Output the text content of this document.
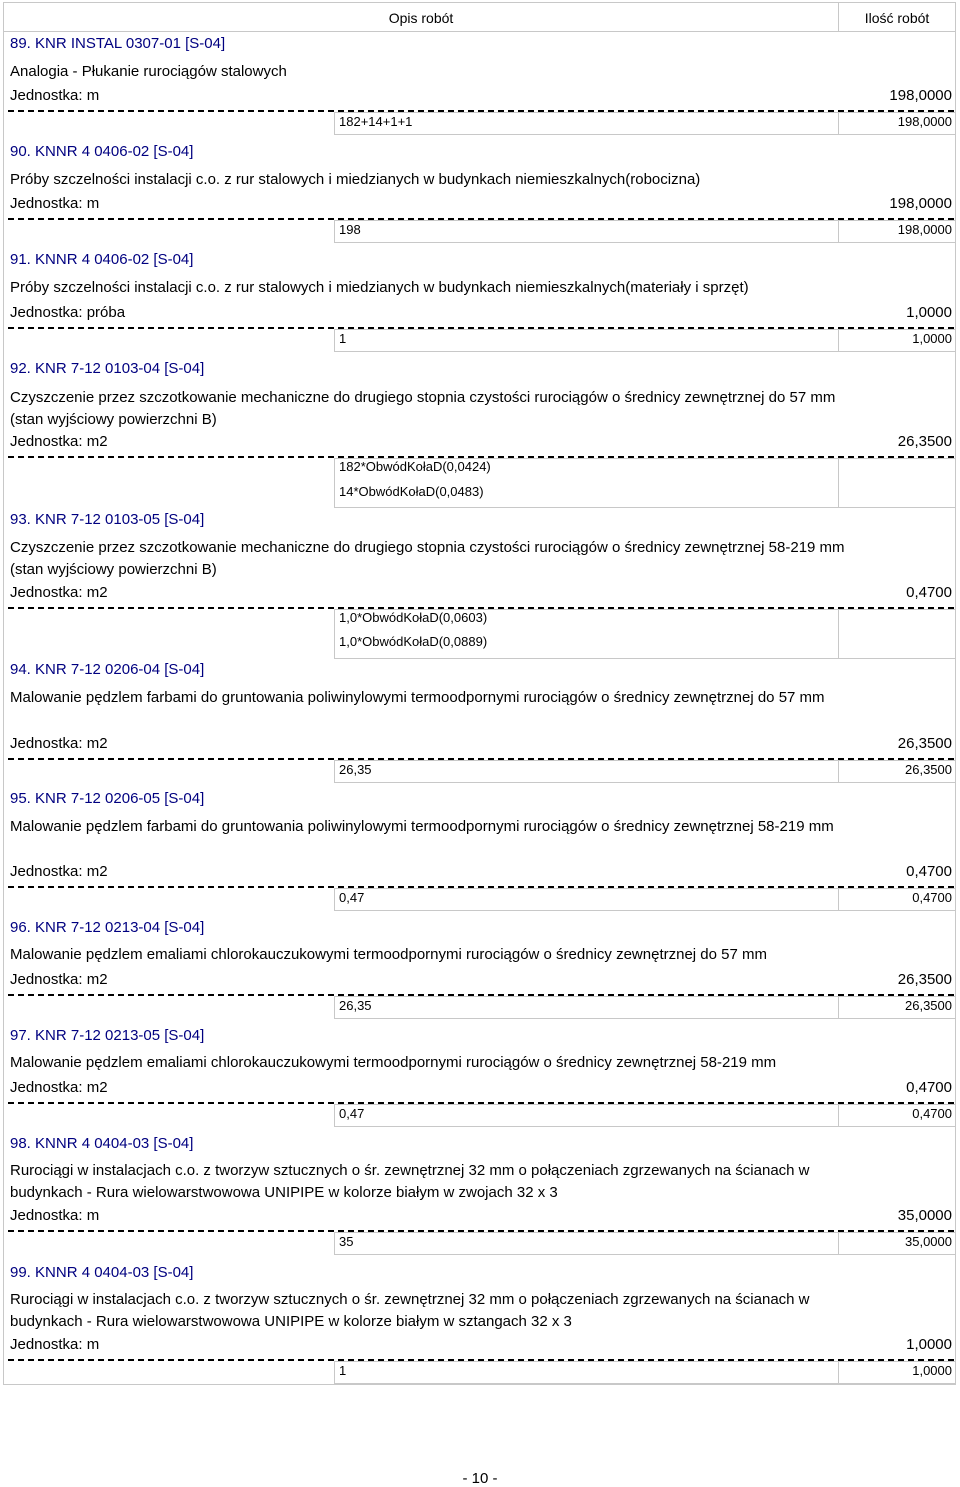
Opis robót	Ilość robót
89. KNR INSTAL 0307-01 [S-04]
Analogia - Płukanie rurociągów stalowych
Jednostka: m	198,0000
182+14+1+1	198,0000
90. KNNR 4 0406-02 [S-04]
Próby szczelności instalacji c.o. z rur stalowych i miedzianych w budynkach niemieszkalnych(robocizna)
Jednostka: m	198,0000
198	198,0000
91. KNNR 4 0406-02 [S-04]
Próby szczelności instalacji c.o. z rur stalowych i miedzianych w budynkach niemieszkalnych(materiały i sprzęt)
Jednostka: próba	1,0000
1	1,0000
92. KNR 7-12 0103-04 [S-04]
Czyszczenie przez szczotkowanie mechaniczne do drugiego stopnia czystości rurociągów o średnicy zewnętrznej do 57 mm (stan wyjściowy powierzchni B)
Jednostka: m2	26,3500
182*ObwódKołaD(0,0424)
14*ObwódKołaD(0,0483)
93. KNR 7-12 0103-05 [S-04]
Czyszczenie przez szczotkowanie mechaniczne do drugiego stopnia czystości rurociągów o średnicy zewnętrznej 58-219 mm (stan wyjściowy powierzchni B)
Jednostka: m2	0,4700
1,0*ObwódKołaD(0,0603)
1,0*ObwódKołaD(0,0889)
94. KNR 7-12 0206-04 [S-04]
Malowanie pędzlem farbami do gruntowania poliwinylowymi termoodpornymi rurociągów o średnicy zewnętrznej do 57 mm
Jednostka: m2	26,3500
26,35	26,3500
95. KNR 7-12 0206-05 [S-04]
Malowanie pędzlem farbami do gruntowania poliwinylowymi termoodpornymi rurociągów o średnicy zewnętrznej 58-219 mm
Jednostka: m2	0,4700
0,47	0,4700
96. KNR 7-12 0213-04 [S-04]
Malowanie pędzlem emaliami chlorokauczukowymi termoodpornymi rurociągów o średnicy zewnętrznej do 57 mm
Jednostka: m2	26,3500
26,35	26,3500
97. KNR 7-12 0213-05 [S-04]
Malowanie pędzlem emaliami chlorokauczukowymi termoodpornymi rurociągów o średnicy zewnętrznej 58-219 mm
Jednostka: m2	0,4700
0,47	0,4700
98. KNNR 4 0404-03 [S-04]
Rurociągi w instalacjach c.o. z tworzyw sztucznych o śr. zewnętrznej 32 mm o połączeniach zgrzewanych na ścianach w budynkach - Rura wielowarstwowowa UNIPIPE w kolorze białym w zwojach 32 x 3
Jednostka: m	35,0000
35	35,0000
99. KNNR 4 0404-03 [S-04]
Rurociągi w instalacjach c.o. z tworzyw sztucznych o śr. zewnętrznej 32 mm o połączeniach zgrzewanych na ścianach w budynkach - Rura wielowarstwowowa UNIPIPE w kolorze białym w sztangach 32 x 3
Jednostka: m	1,0000
1	1,0000
- 10 -
